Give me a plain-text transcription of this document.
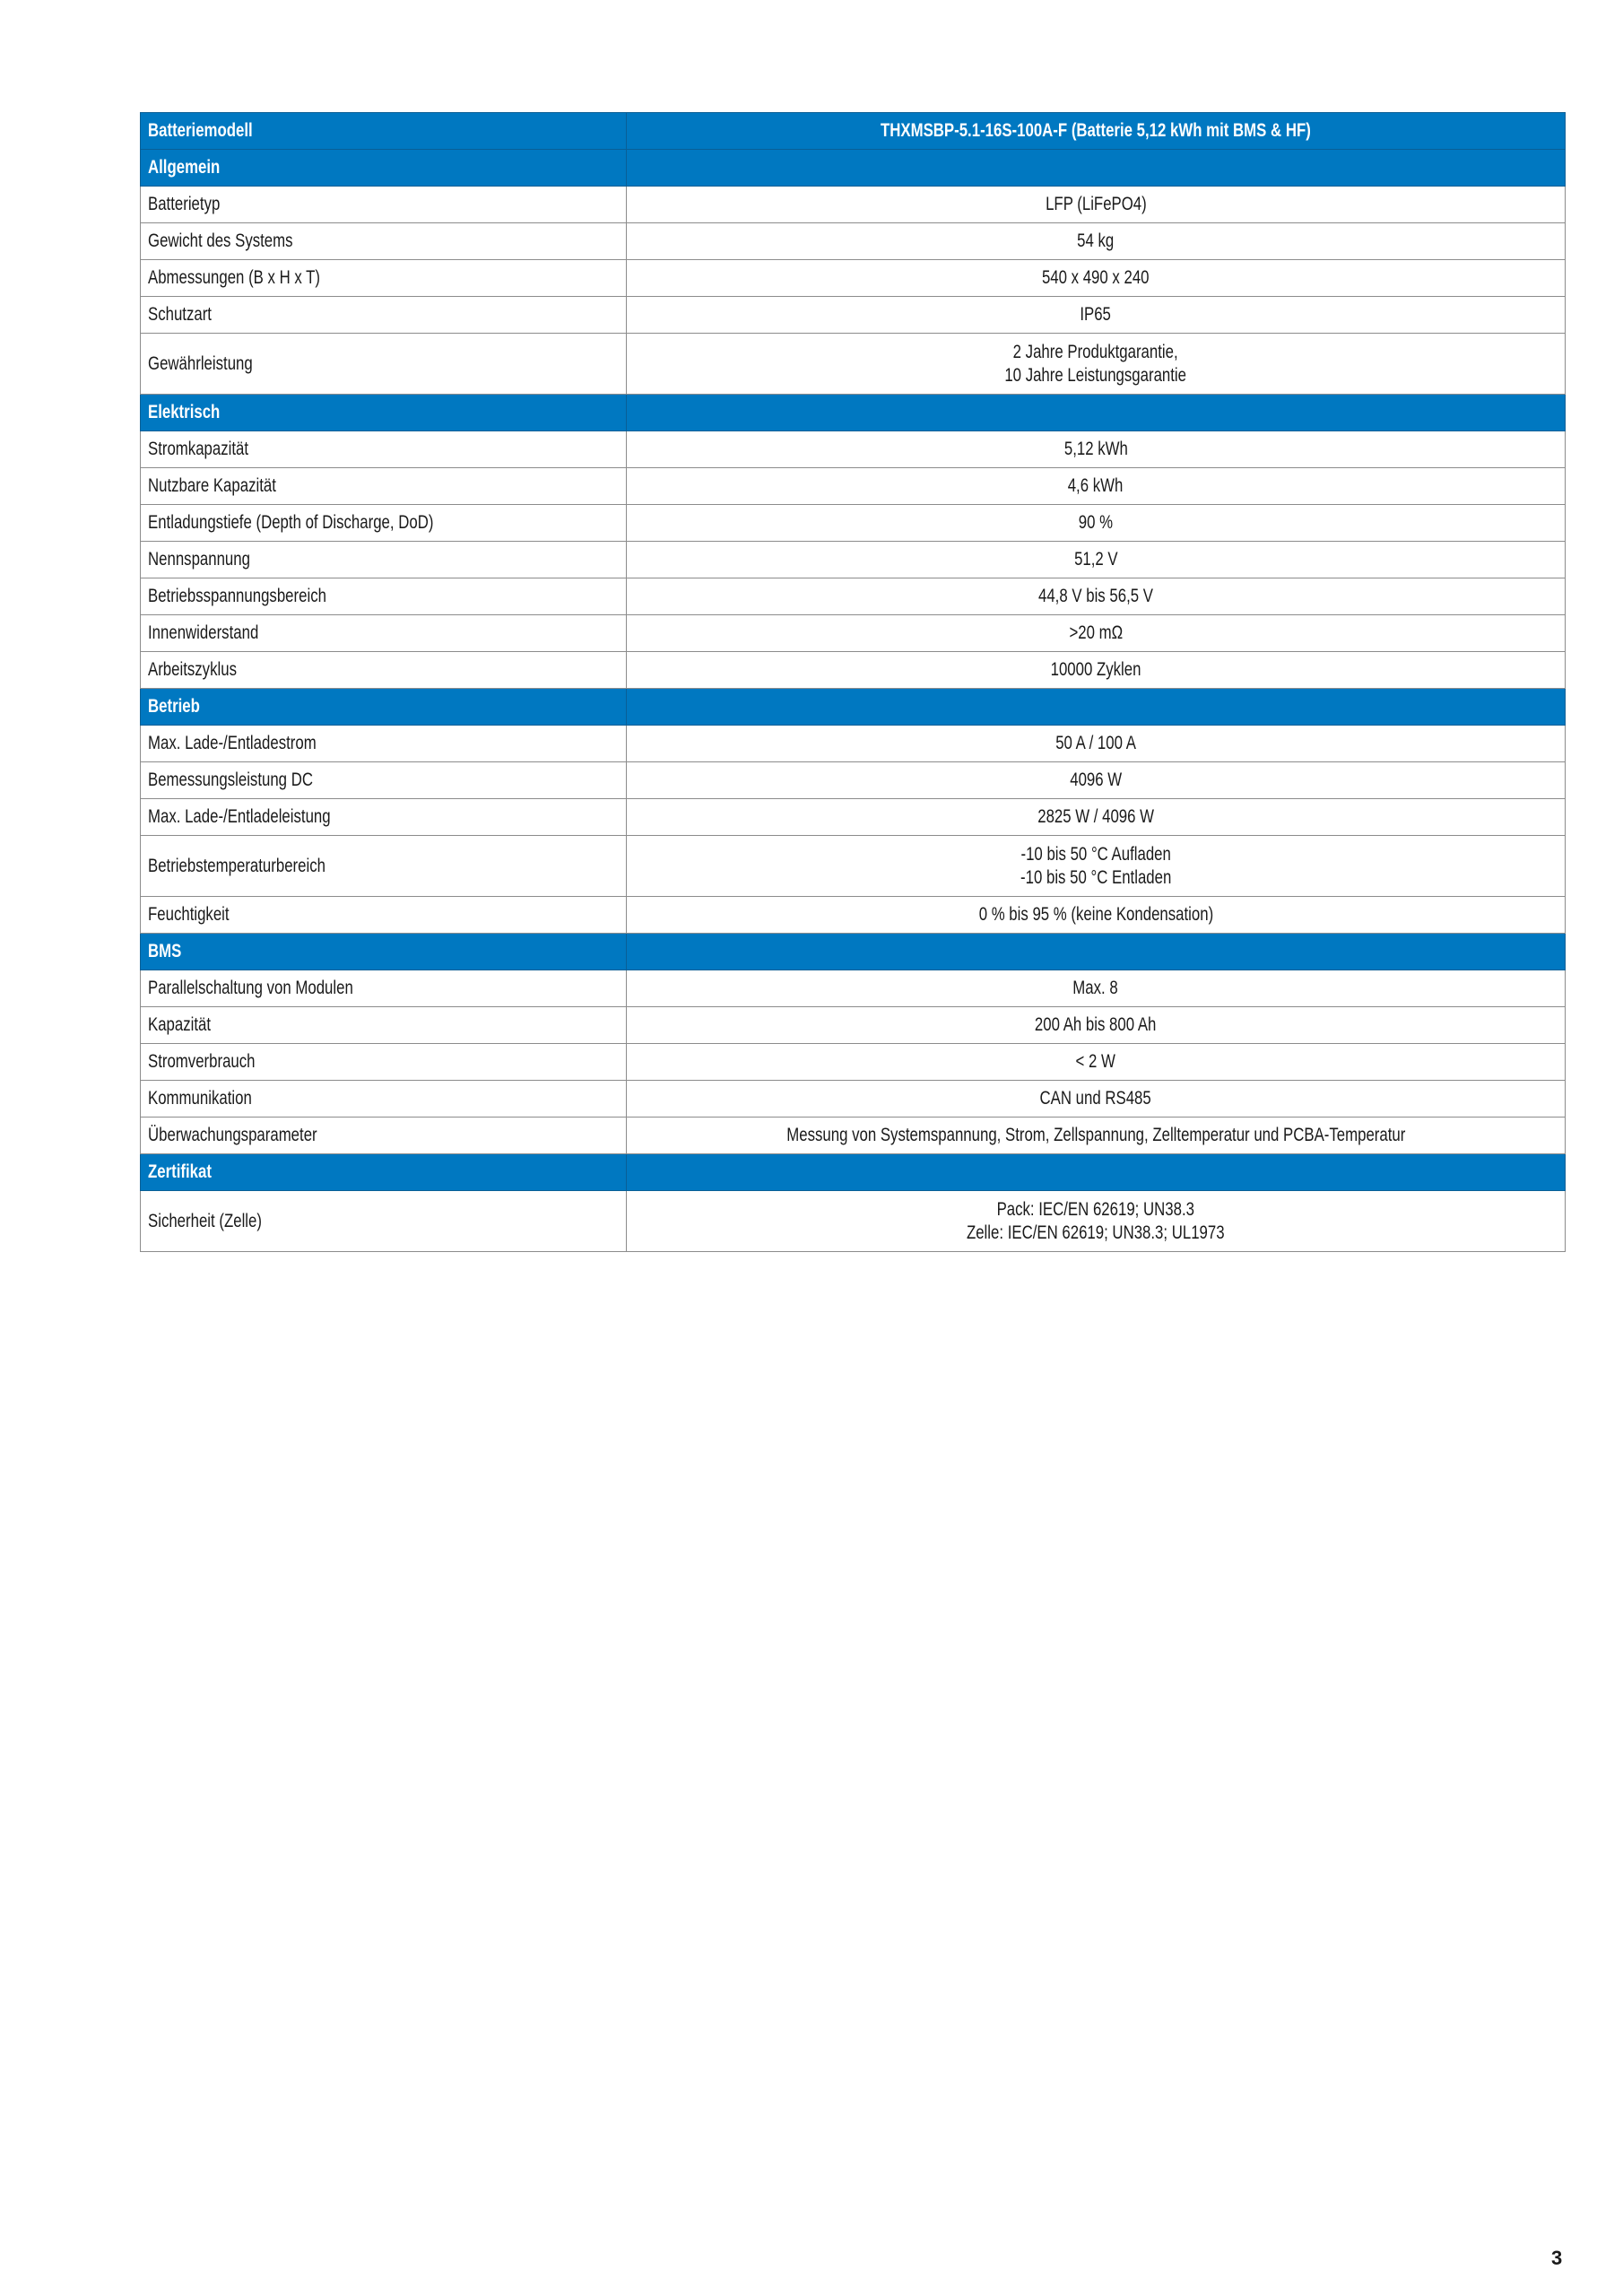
Batteriemodell	THXMSBP-5.1-16S-100A-F (Batterie 5,12 kWh mit BMS & HF)
Allgemein	
Batterietyp	LFP (LiFePO4)

Gewicht des Systems	54 kg

Abmessungen (B x H x T)	540 x 490 x 240

Schutzart	IP65

Gewährleistung	2 Jahre Produktgarantie,
10 Jahre Leistungsgarantie

Elektrisch	
Stromkapazität	5,12 kWh

Nutzbare Kapazität	4,6 kWh

Entladungstiefe (Depth of Discharge, DoD)	90 %

Nennspannung	51,2 V

Betriebsspannungsbereich	44,8 V bis 56,5 V

Innenwiderstand	>20 mΩ

Arbeitszyklus	10000 Zyklen

Betrieb	
Max. Lade-/Entladestrom	50 A / 100 A

Bemessungsleistung DC	4096 W

Max. Lade-/Entladeleistung	2825 W / 4096 W

Betriebstemperaturbereich	-10 bis 50 °C Aufladen
-10 bis 50 °C Entladen

Feuchtigkeit	0 % bis 95 % (keine Kondensation)

BMS	
Parallelschaltung von Modulen	Max. 8

Kapazität	200 Ah bis 800 Ah

Stromverbrauch	< 2 W

Kommunikation	CAN und RS485

Überwachungsparameter	Messung von Systemspannung, Strom, Zellspannung, Zelltemperatur und PCBA-Temperatur

Zertifikat	
Sicherheit (Zelle)	Pack: IEC/EN 62619; UN38.3
Zelle: IEC/EN 62619; UN38.3; UL1973
3
